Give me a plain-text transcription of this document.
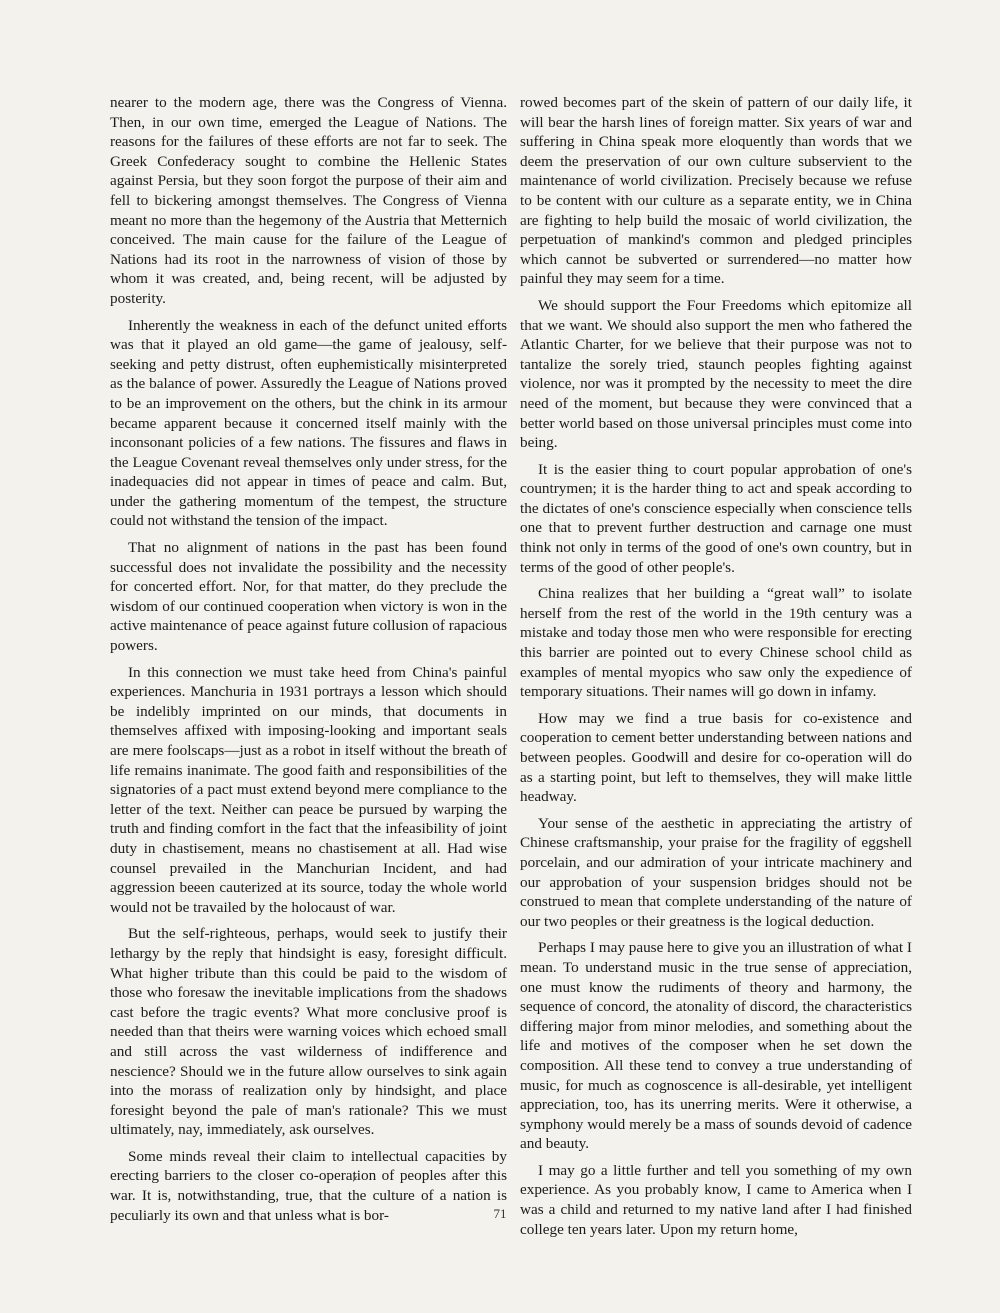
nearer to the modern age, there was the Congress of Vienna. Then, in our own time, emerged the League of Nations. The reasons for the failures of these efforts are not far to seek. The Greek Confederacy sought to combine the Hellenic States against Persia, but they soon forgot the purpose of their aim and fell to bickering amongst themselves. The Congress of Vienna meant no more than the hegemony of the Austria that Metternich conceived. The main cause for the failure of the League of Nations had its root in the narrowness of vision of those by whom it was created, and, being recent, will be adjusted by posterity.

Inherently the weakness in each of the defunct united efforts was that it played an old game—the game of jealousy, self-seeking and petty distrust, often euphemistically misinterpreted as the balance of power. Assuredly the League of Nations proved to be an improvement on the others, but the chink in its armour became apparent because it concerned itself mainly with the inconsonant policies of a few nations. The fissures and flaws in the League Covenant reveal themselves only under stress, for the inadequacies did not appear in times of peace and calm. But, under the gathering momentum of the tempest, the structure could not withstand the tension of the impact.

That no alignment of nations in the past has been found successful does not invalidate the possibility and the necessity for concerted effort. Nor, for that matter, do they preclude the wisdom of our continued cooperation when victory is won in the active maintenance of peace against future collusion of rapacious powers.

In this connection we must take heed from China's painful experiences. Manchuria in 1931 portrays a lesson which should be indelibly imprinted on our minds, that documents in themselves affixed with imposing-looking and important seals are mere foolscaps—just as a robot in itself without the breath of life remains inanimate. The good faith and responsibilities of the signatories of a pact must extend beyond mere compliance to the letter of the text. Neither can peace be pursued by warping the truth and finding comfort in the fact that the infeasibility of joint duty in chastisement, means no chastisement at all. Had wise counsel prevailed in the Manchurian Incident, and had aggression beeen cauterized at its source, today the whole world would not be travailed by the holocaust of war.

But the self-righteous, perhaps, would seek to justify their lethargy by the reply that hindsight is easy, foresight difficult. What higher tribute than this could be paid to the wisdom of those who foresaw the inevitable implications from the shadows cast before the tragic events? What more conclusive proof is needed than that theirs were warning voices which echoed small and still across the vast wilderness of indifference and nescience? Should we in the future allow ourselves to sink again into the morass of realization only by hindsight, and place foresight beyond the pale of man's rationale? This we must ultimately, nay, immediately, ask ourselves.

Some minds reveal their claim to intellectual capacities by erecting barriers to the closer co-operation of peoples after this war. It is, notwithstanding, true, that the culture of a nation is peculiarly its own and that unless what is bor-

rowed becomes part of the skein of pattern of our daily life, it will bear the harsh lines of foreign matter. Six years of war and suffering in China speak more eloquently than words that we deem the preservation of our own culture subservient to the maintenance of world civilization. Precisely because we refuse to be content with our culture as a separate entity, we in China are fighting to help build the mosaic of world civilization, the perpetuation of mankind's common and pledged principles which cannot be subverted or surrendered—no matter how painful they may seem for a time.

We should support the Four Freedoms which epitomize all that we want. We should also support the men who fathered the Atlantic Charter, for we believe that their purpose was not to tantalize the sorely tried, staunch peoples fighting against violence, nor was it prompted by the necessity to meet the dire need of the moment, but because they were convinced that a better world based on those universal principles must come into being.

It is the easier thing to court popular approbation of one's countrymen; it is the harder thing to act and speak according to the dictates of one's conscience especially when conscience tells one that to prevent further destruction and carnage one must think not only in terms of the good of one's own country, but in terms of the good of other people's.

China realizes that her building a “great wall” to isolate herself from the rest of the world in the 19th century was a mistake and today those men who were responsible for erecting this barrier are pointed out to every Chinese school child as examples of mental myopics who saw only the expedience of temporary situations. Their names will go down in infamy.

How may we find a true basis for co-existence and cooperation to cement better understanding between nations and between peoples. Goodwill and desire for co-operation will do as a starting point, but left to themselves, they will make little headway.

Your sense of the aesthetic in appreciating the artistry of Chinese craftsmanship, your praise for the fragility of eggshell porcelain, and our admiration of your intricate machinery and our approbation of your suspension bridges should not be construed to mean that complete understanding of the nature of our two peoples or their greatness is the logical deduction.

Perhaps I may pause here to give you an illustration of what I mean. To understand music in the true sense of appreciation, one must know the rudiments of theory and harmony, the sequence of concord, the atonality of discord, the characteristics differing major from minor melodies, and something about the life and motives of the composer when he set down the composition. All these tend to convey a true understanding of music, for much as cognoscence is all-desirable, yet intelligent appreciation, too, has its unerring merits. Were it otherwise, a symphony would merely be a mass of sounds devoid of cadence and beauty.

I may go a little further and tell you something of my own experience. As you probably know, I came to America when I was a child and returned to my native land after I had finished college ten years later. Upon my return home,

71
